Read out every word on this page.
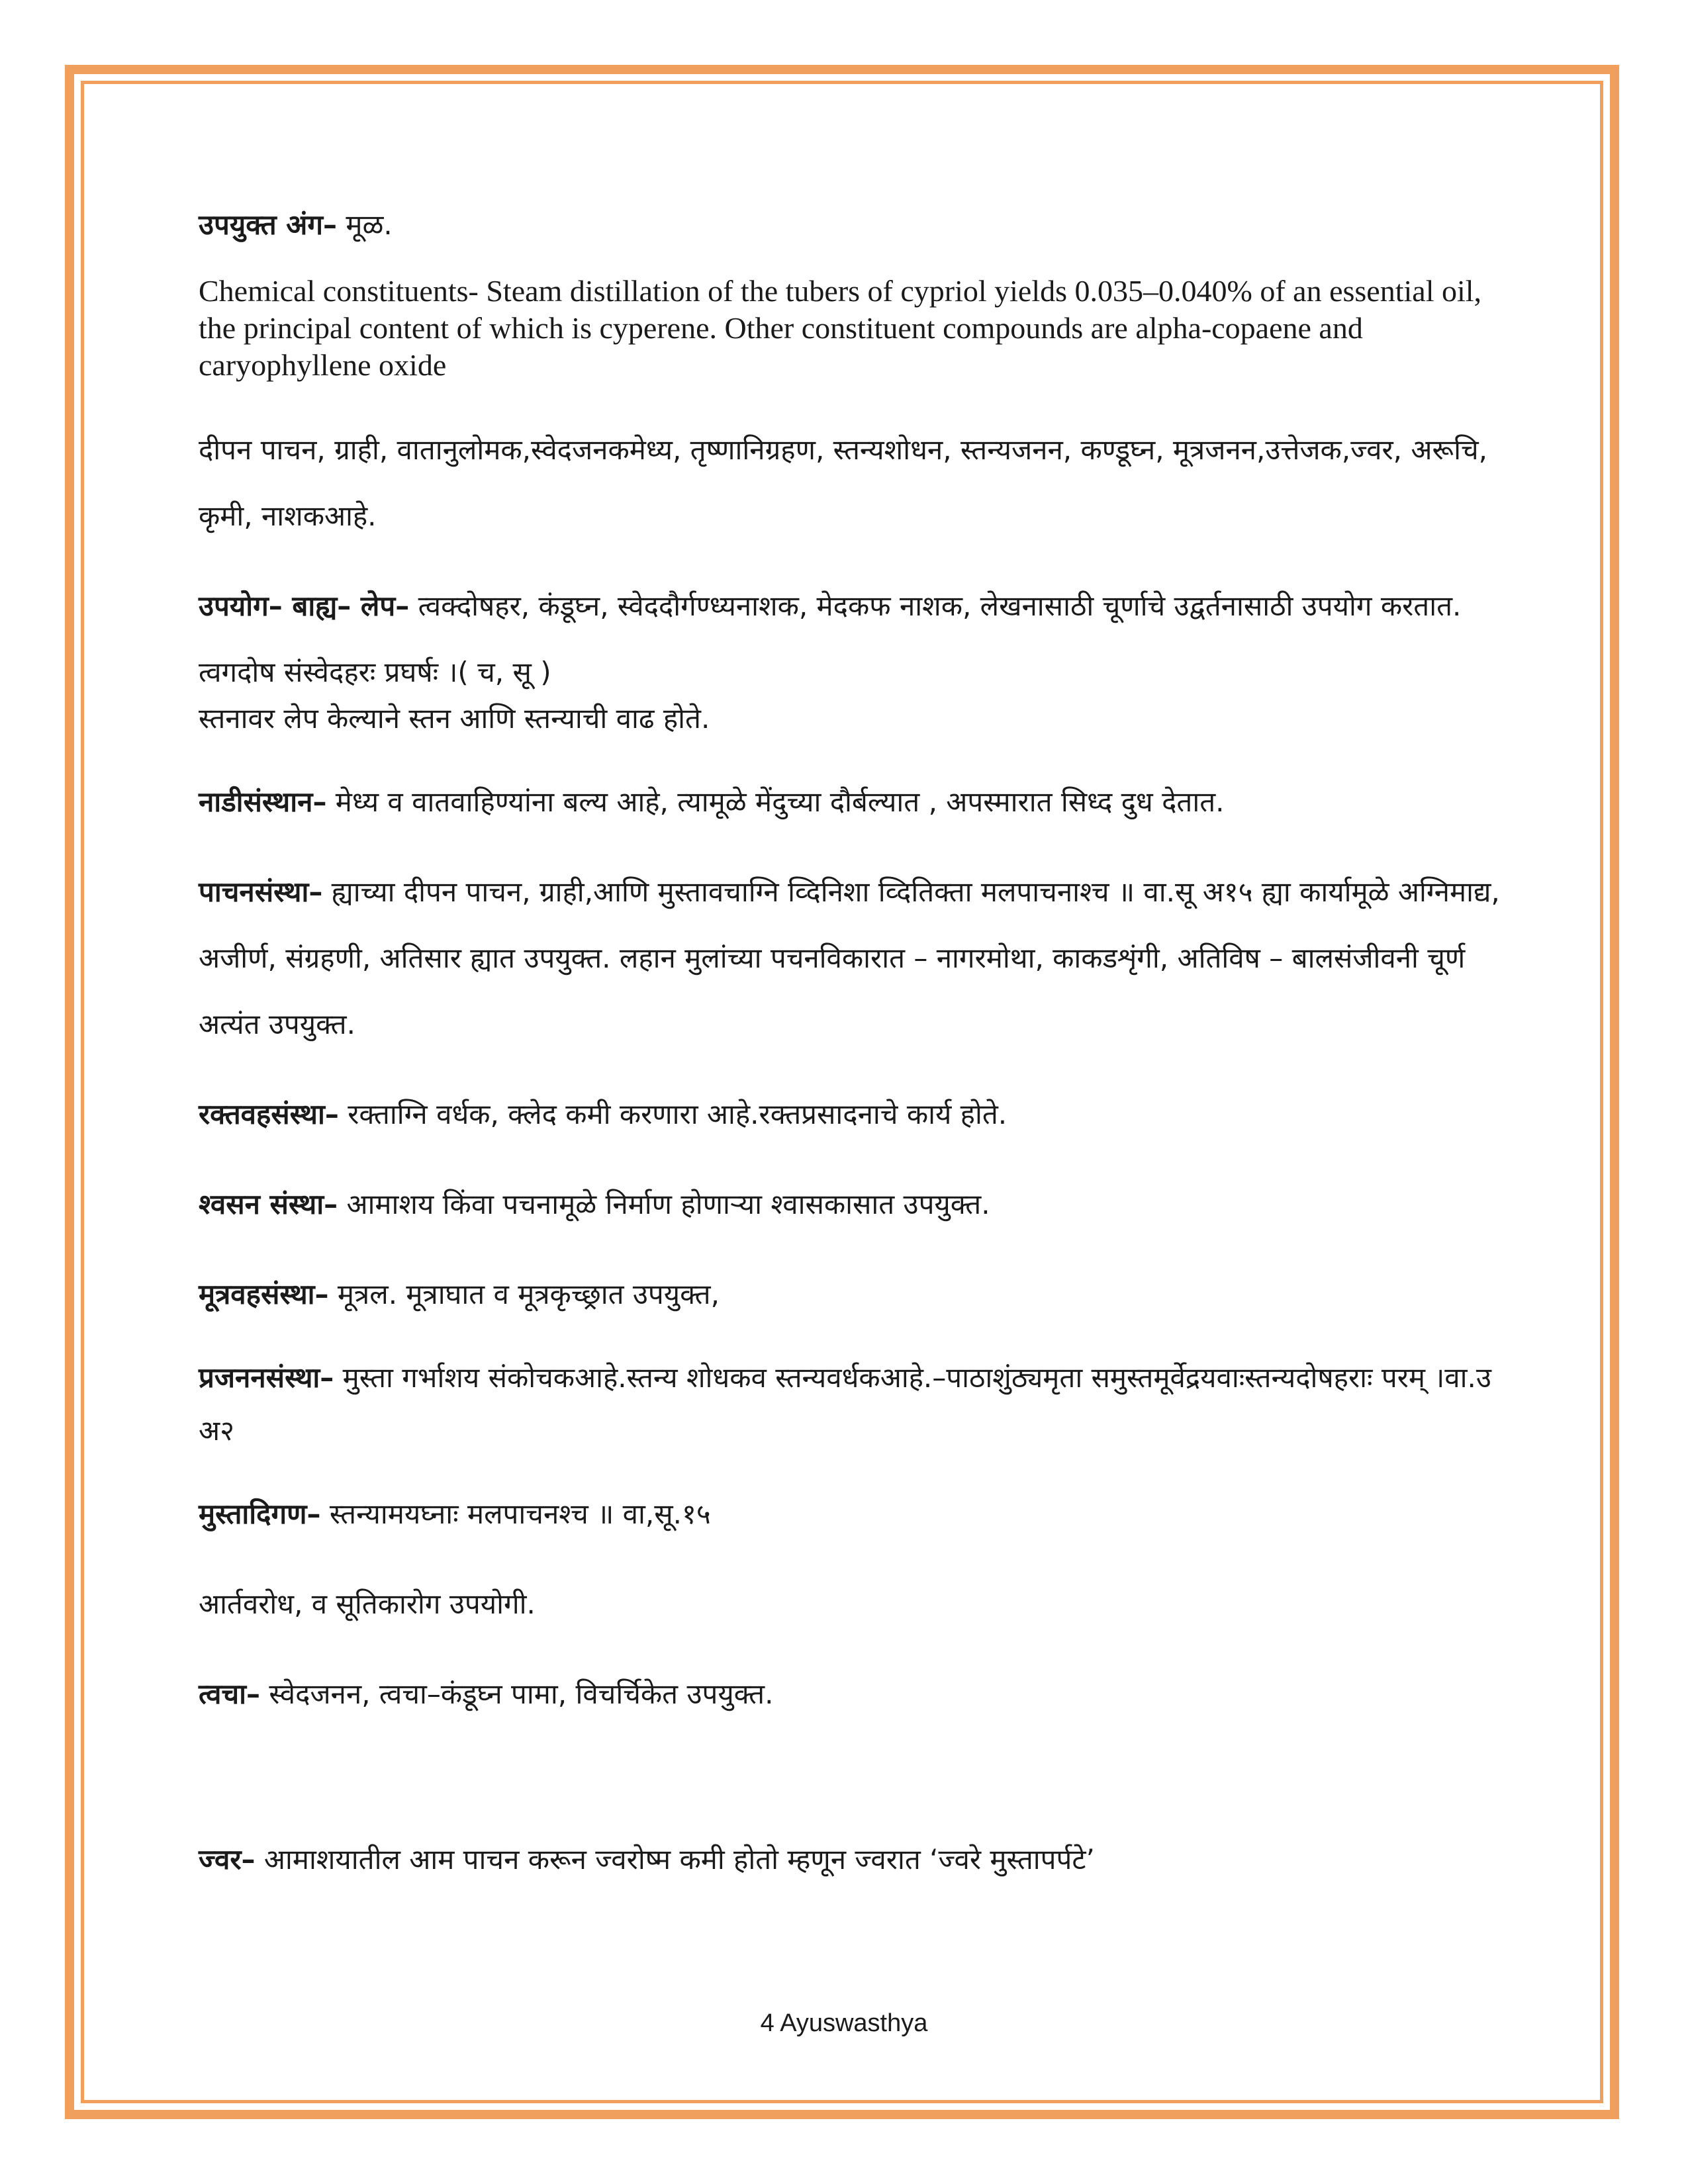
उपयुक्त अंग– मूळ.
Chemical constituents- Steam distillation of the tubers of cypriol yields 0.035–0.040% of an essential oil, the principal content of which is cyperene. Other constituent compounds are alpha-copaene and caryophyllene oxide
दीपन पाचन, ग्राही, वातानुलोमक,स्वेदजनकमेध्य, तृष्णानिग्रहण, स्तन्यशोधन, स्तन्यजनन, कण्डूघ्न, मूत्रजनन,उत्तेजक,ज्वर, अरूचि, कृमी, नाशकआहे.
उपयोग– बाह्य– लेप– त्वक्दोषहर, कंडूघ्न, स्वेददौर्गण्ध्यनाशक, मेदकफ नाशक, लेखनासाठी चूर्णाचे उद्वर्तनासाठी उपयोग करतात. त्वगदोष संस्वेदहरः प्रघर्षः ।( च, सू )
स्तनावर लेप केल्याने स्तन आणि स्तन्याची वाढ होते.
नाडीसंस्थान– मेध्य व वातवाहिण्यांना बल्य आहे, त्यामूळे मेंदुच्या दौर्बल्यात , अपस्मारात सिध्द दुध देतात.
पाचनसंस्था– ह्याच्या दीपन पाचन, ग्राही,आणि मुस्तावचाग्नि व्दिनिशा व्दितिक्ता मलपाचनाश्च ॥ वा.सू अ१५ ह्या कार्यामूळे अग्निमाद्य, अजीर्ण, संग्रहणी, अतिसार ह्यात उपयुक्त. लहान मुलांच्या पचनविकारात – नागरमोथा, काकडशृंगी, अतिविष – बालसंजीवनी चूर्ण अत्यंत उपयुक्त.
रक्तवहसंस्था– रक्ताग्नि वर्धक, क्लेद कमी करणारा आहे.रक्तप्रसादनाचे कार्य होते.
श्वसन संस्था– आमाशय किंवा पचनामूळे निर्माण होणाऱ्या श्वासकासात उपयुक्त.
मूत्रवहसंस्था– मूत्रल. मूत्राघात व मूत्रकृच्छ्रात उपयुक्त,
प्रजननसंस्था– मुस्ता गर्भाशय संकोचकआहे.स्तन्य शोधकव स्तन्यवर्धकआहे.–पाठाशुंठ्यमृता समुस्तमूर्वेद्रयवाःस्तन्यदोषहराः परम् ।वा.उ अ२
मुस्तादिगण– स्तन्यामयघ्नाः मलपाचनश्च ॥ वा,सू.१५
आर्तवरोध, व सूतिकारोग उपयोगी.
त्वचा– स्वेदजनन, त्वचा–कंडूघ्न पामा, विचर्चिकेत उपयुक्त.
ज्वर– आमाशयातील आम पाचन करून ज्वरोष्म कमी होतो म्हणून ज्वरात ‘ज्वरे मुस्तापर्पटे’
4 Ayuswasthya
